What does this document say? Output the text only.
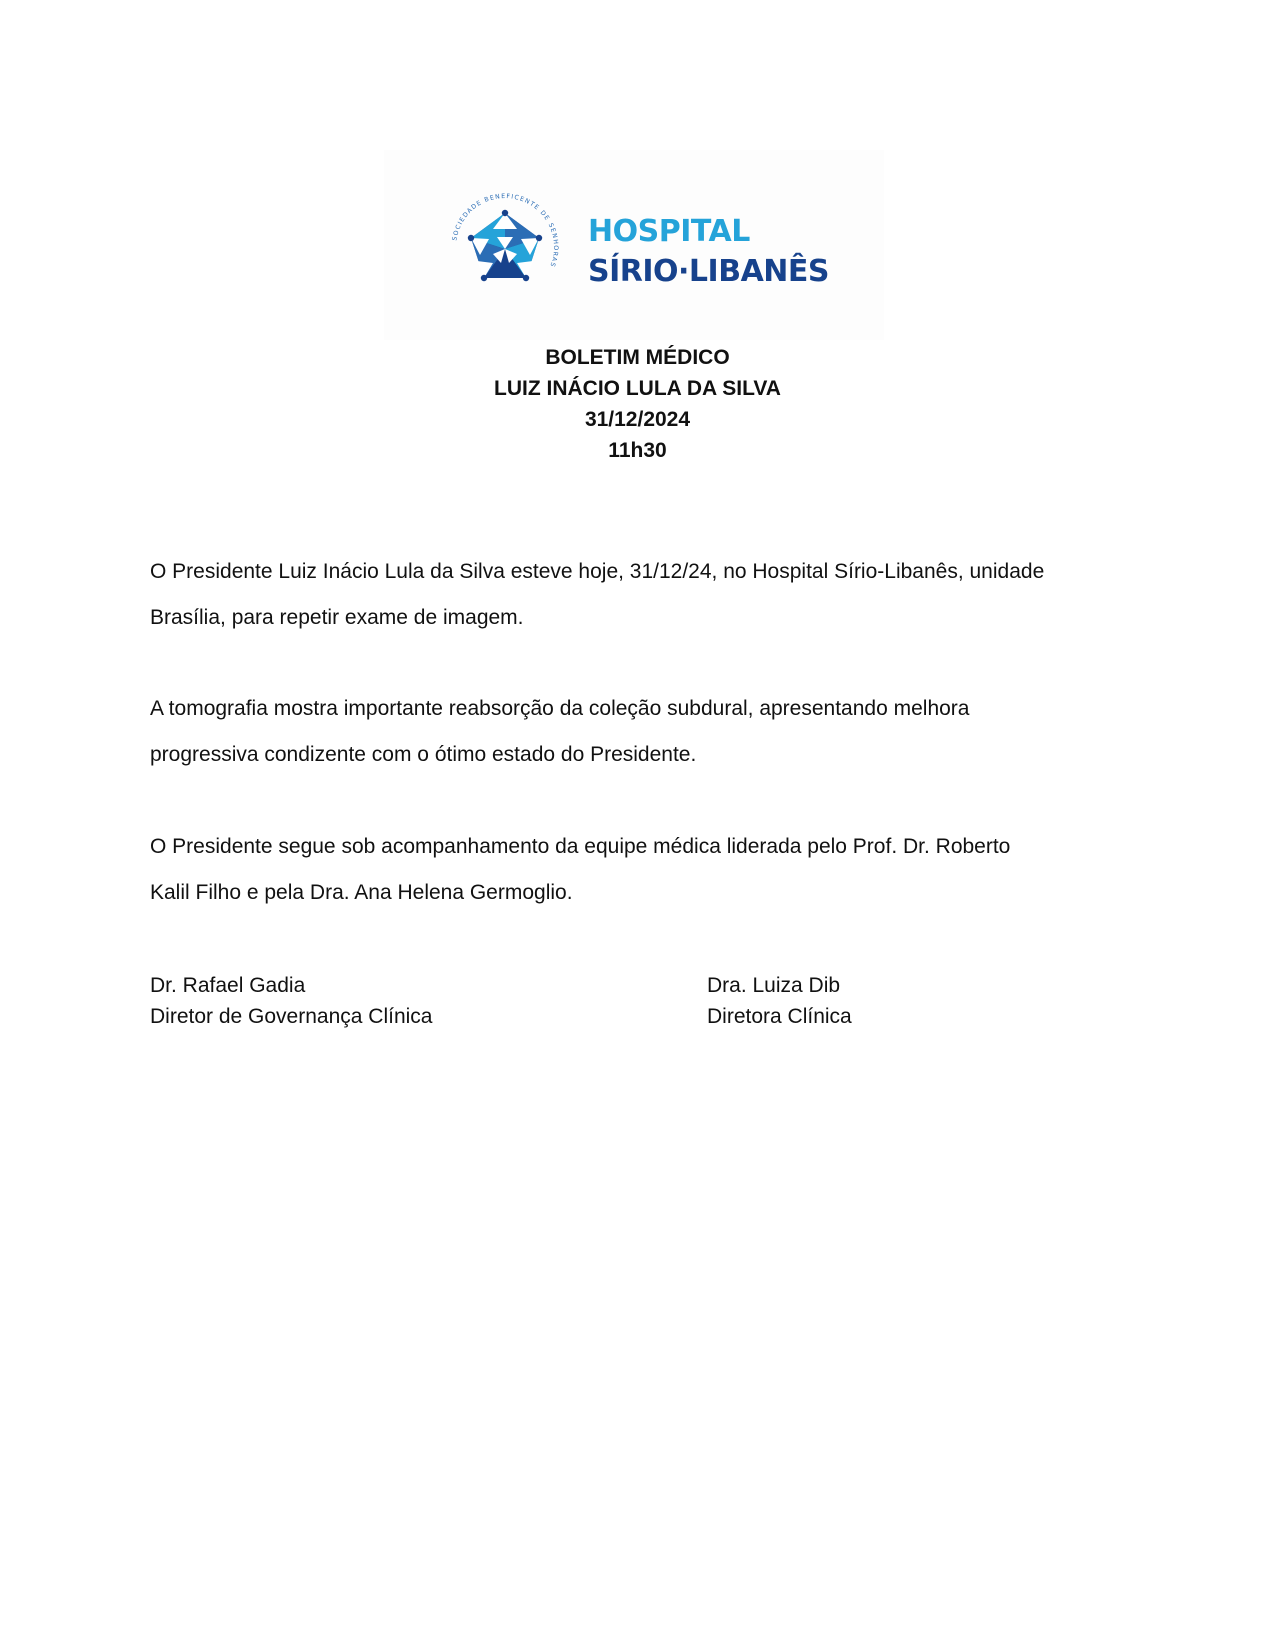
SOCIEDADE BENEFICENTE DE SENHORAS
HOSPITAL
SÍRIO·LIBANÊS
BOLETIM MÉDICO
LUIZ INÁCIO LULA DA SILVA
31/12/2024
11h30
O Presidente Luiz Inácio Lula da Silva esteve hoje, 31/12/24, no Hospital Sírio-Libanês, unidade
Brasília, para repetir exame de imagem.
A tomografia mostra importante reabsorção da coleção subdural, apresentando melhora
progressiva condizente com o ótimo estado do Presidente.
O Presidente segue sob acompanhamento da equipe médica liderada pelo Prof. Dr. Roberto
Kalil Filho e pela Dra. Ana Helena Germoglio.
Dr. Rafael Gadia
Diretor de Governança Clínica
Dra. Luiza Dib
Diretora Clínica
